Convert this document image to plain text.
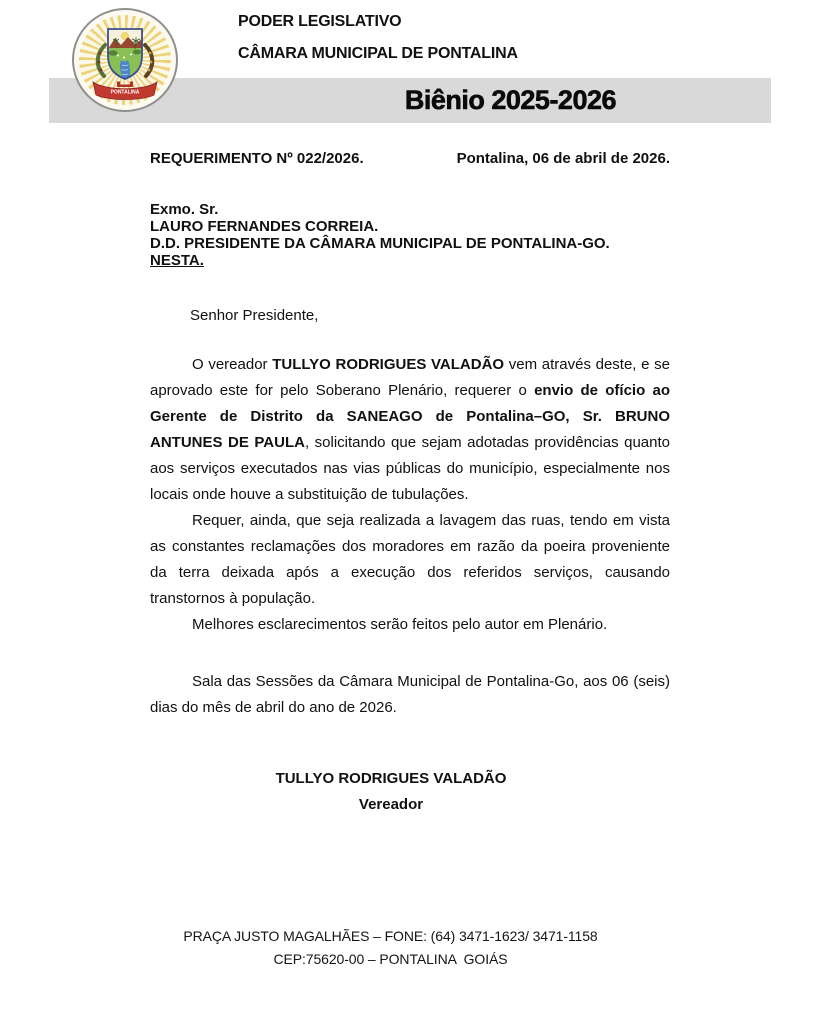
Biênio 2025-2026
PONTALINA
PODER LEGISLATIVO
CÂMARA MUNICIPAL DE PONTALINA
REQUERIMENTO Nº 022/2026.	Pontalina, 06 de abril de 2026.
Exmo. Sr.
LAURO FERNANDES CORREIA.
D.D. PRESIDENTE DA CÂMARA MUNICIPAL DE PONTALINA-GO.
NESTA.
Senhor Presidente,

O vereador TULLYO RODRIGUES VALADÃO vem através deste, e se aprovado este for pelo Soberano Plenário, requerer o envio de ofício ao Gerente de Distrito da SANEAGO de Pontalina–GO, Sr. BRUNO ANTUNES DE PAULA, solicitando que sejam adotadas providências quanto aos serviços executados nas vias públicas do município, especialmente nos locais onde houve a substituição de tubulações.

Requer, ainda, que seja realizada a lavagem das ruas, tendo em vista as constantes reclamações dos moradores em razão da poeira proveniente da terra deixada após a execução dos referidos serviços, causando transtornos à população.

Melhores esclarecimentos serão feitos pelo autor em Plenário.

Sala das Sessões da Câmara Municipal de Pontalina-Go, aos 06 (seis) dias do mês de abril do ano de 2026.

TULLYO RODRIGUES VALADÃO
Vereador
PRAÇA JUSTO MAGALHÃES – FONE: (64) 3471-1623/ 3471-1158
CEP:75620-00 – PONTALINA  GOIÁS
